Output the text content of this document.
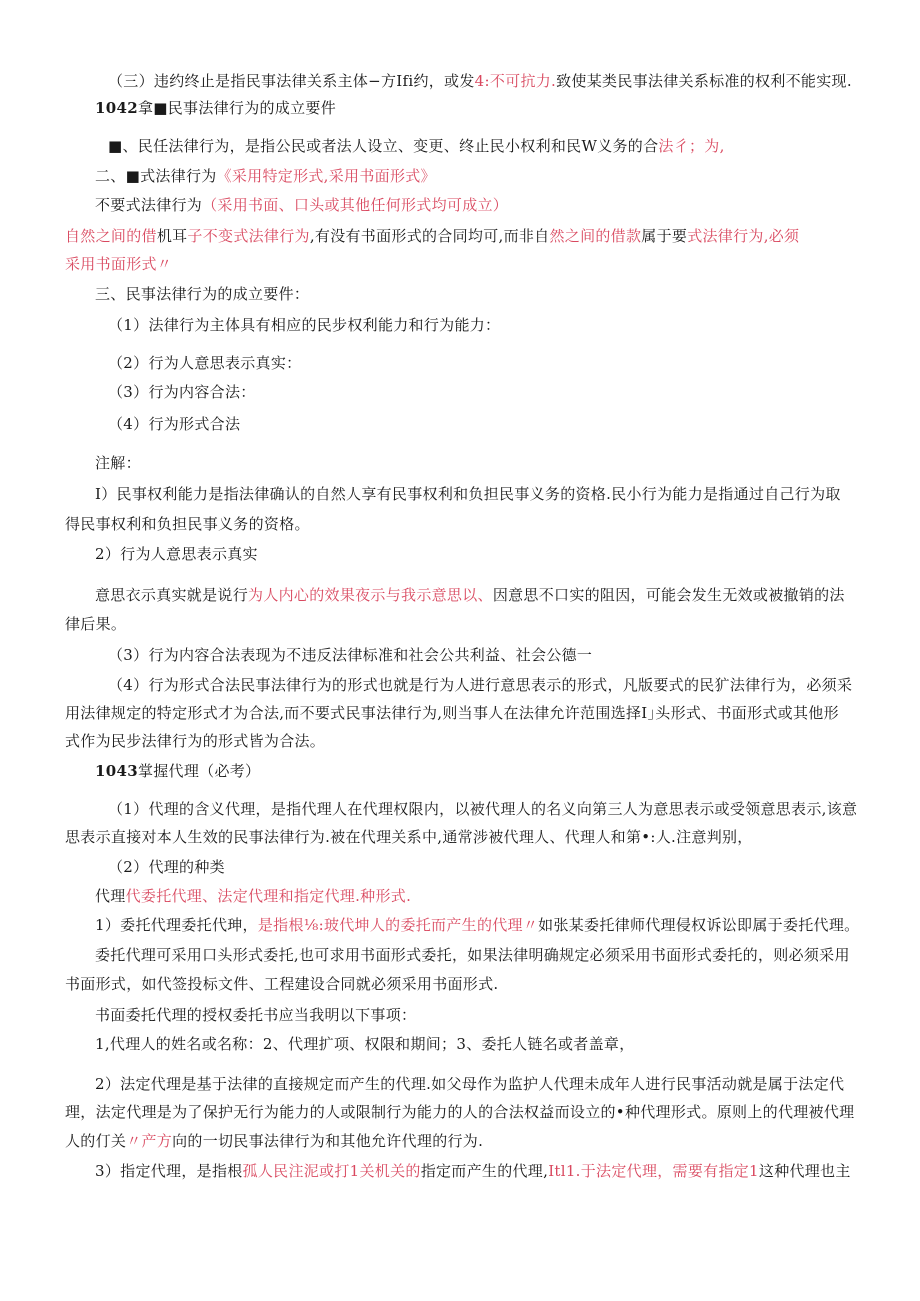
（三）违约终止是指民事法律关系主体−方Ifi约，或发4:不可抗力.致使某类民事法律关系标准的权利不能实现.
1042拿■民事法律行为的成立要件
■、民任法律行为，是指公民或者法人设立、变更、终止民小权利和民W义务的合法彳；为,
二、■式法律行为《采用特定形式,采用书面形式》
不要式法律行为（采用书面、口头或其他任何形式均可成立）
自然之间的借机耳子不变式法律行为,有没有书面形式的合同均可,而非自然之间的借款属于要式法律行为,必须
采用书面形式〃
三、民事法律行为的成立要件：
（1）法律行为主体具有相应的民步权利能力和行为能力：
（2）行为人意思表示真实：
（3）行为内容合法：
（4）行为形式合法
注解：
I）民事权利能力是指法律确认的自然人享有民事权利和负担民事义务的资格.民小行为能力是指通过自己行为取
得民事权利和负担民事义务的资格。
2）行为人意思表示真实
意思衣示真实就是说行为人内心的效果夜示与我示意思以、因意思不口实的阻因，可能会发生无效或被撤销的法
律后果。
（3）行为内容合法表现为不违反法律标准和社会公共利益、社会公德一
（4）行为形式合法民事法律行为的形式也就是行为人进行意思表示的形式，凡版要式的民犷法律行为，必须采
用法律规定的特定形式才为合法,而不要式民事法律行为,则当事人在法律允许范围选择I｣头形式、书面形式或其他形
式作为民步法律行为的形式皆为合法。
1043掌握代理（必考）
（1）代理的含义代理，是指代理人在代理权限内，以被代理人的名义向第三人为意思表示或受领意思表示,该意
思表示直接对本人生效的民事法律行为.被在代理关系中,通常涉被代理人、代理人和第•:人.注意判别，
（2）代理的种类
代理代委托代理、法定代理和指定代理.种形式.
1）委托代理委托代珅，是指根⅛:玻代坤人的委托而产生的代理〃如张某委托律师代理侵权诉讼即属于委托代理。
委托代理可采用口头形式委托,也可求用书面形式委托，如果法律明确规定必须采用书面形式委托的，则必须采用
书面形式，如代签投标文件、工程建设合同就必须采用书面形式.
书面委托代理的授权委托书应当我明以下事项：
1,代理人的姓名或名称：2、代理扩项、权限和期间；3、委托人链名或者盖章，
2）法定代理是基于法律的直接规定而产生的代理.如父母作为监护人代理未成年人进行民事活动就是属于法定代
理，法定代理是为了保护无行为能力的人或限制行为能力的人的合法权益而设立的•种代理形式。原则上的代理被代理
人的仃关〃产方向的一切民事法律行为和其他允许代理的行为.
3）指定代理，是指根孤人民注泥或打1关机关的指定而产生的代理,Itl1.于法定代理，需要有指定1这种代理也主
